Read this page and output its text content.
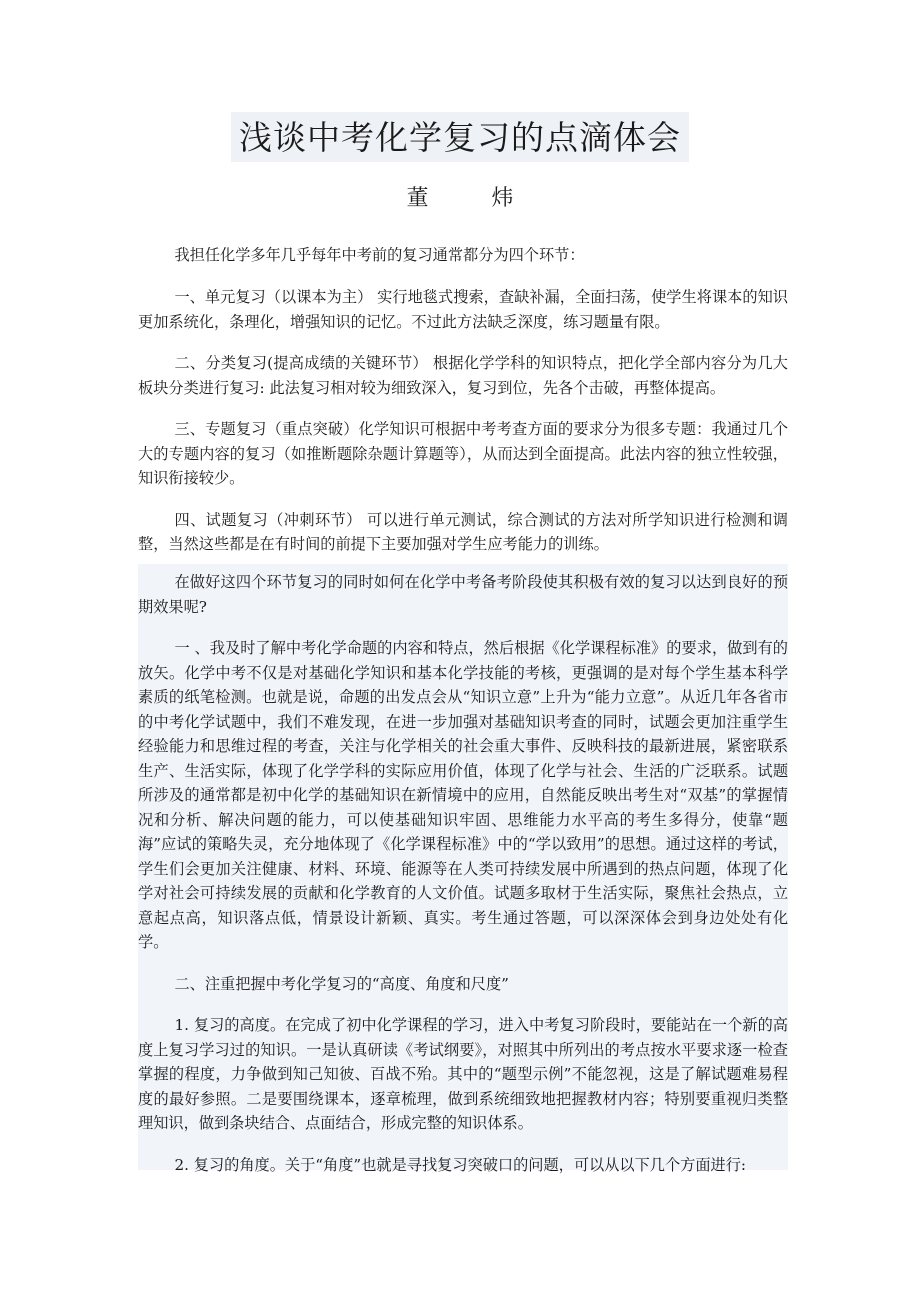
浅谈中考化学复习的点滴体会
董 炜

我担任化学多年几乎每年中考前的复习通常都分为四个环节：

一、单元复习（以课本为主） 实行地毯式搜索，查缺补漏，全面扫荡，使学生将课本的知识更加系统化，条理化，增强知识的记忆。不过此方法缺乏深度，练习题量有限。

二、分类复习(提高成绩的关键环节） 根据化学学科的知识特点，把化学全部内容分为几大板块分类进行复习: 此法复习相对较为细致深入，复习到位，先各个击破，再整体提高。

三、专题复习（重点突破）化学知识可根据中考考查方面的要求分为很多专题：我通过几个大的专题内容的复习（如推断题除杂题计算题等），从而达到全面提高。此法内容的独立性较强，知识衔接较少。

四、试题复习（冲刺环节） 可以进行单元测试，综合测试的方法对所学知识进行检测和调整，当然这些都是在有时间的前提下主要加强对学生应考能力的训练。

在做好这四个环节复习的同时如何在化学中考备考阶段使其积极有效的复习以达到良好的预期效果呢?

一 、我及时了解中考化学命题的内容和特点，然后根据《化学课程标准》的要求，做到有的放矢。化学中考不仅是对基础化学知识和基本化学技能的考核，更强调的是对每个学生基本科学素质的纸笔检测。也就是说，命题的出发点会从“知识立意”上升为“能力立意”。从近几年各省市的中考化学试题中，我们不难发现，在进一步加强对基础知识考查的同时，试题会更加注重学生经验能力和思维过程的考查，关注与化学相关的社会重大事件、反映科技的最新进展，紧密联系生产、生活实际，体现了化学学科的实际应用价值，体现了化学与社会、生活的广泛联系。试题所涉及的通常都是初中化学的基础知识在新情境中的应用，自然能反映出考生对“双基”的掌握情况和分析、解决问题的能力，可以使基础知识牢固、思维能力水平高的考生多得分，使靠“题海”应试的策略失灵，充分地体现了《化学课程标准》中的“学以致用”的思想。通过这样的考试，学生们会更加关注健康、材料、环境、能源等在人类可持续发展中所遇到的热点问题，体现了化学对社会可持续发展的贡献和化学教育的人文价值。试题多取材于生活实际，聚焦社会热点，立意起点高，知识落点低，情景设计新颖、真实。考生通过答题，可以深深体会到身边处处有化学。

二、注重把握中考化学复习的“高度、角度和尺度”

1. 复习的高度。在完成了初中化学课程的学习，进入中考复习阶段时，要能站在一个新的高度上复习学习过的知识。一是认真研读《考试纲要》，对照其中所列出的考点按水平要求逐一检查掌握的程度，力争做到知己知彼、百战不殆。其中的“题型示例”不能忽视，这是了解试题难易程度的最好参照。二是要围绕课本，逐章梳理，做到系统细致地把握教材内容；特别要重视归类整理知识，做到条块结合、点面结合，形成完整的知识体系。

2. 复习的角度。关于“角度”也就是寻找复习突破口的问题，可以从以下几个方面进行:
